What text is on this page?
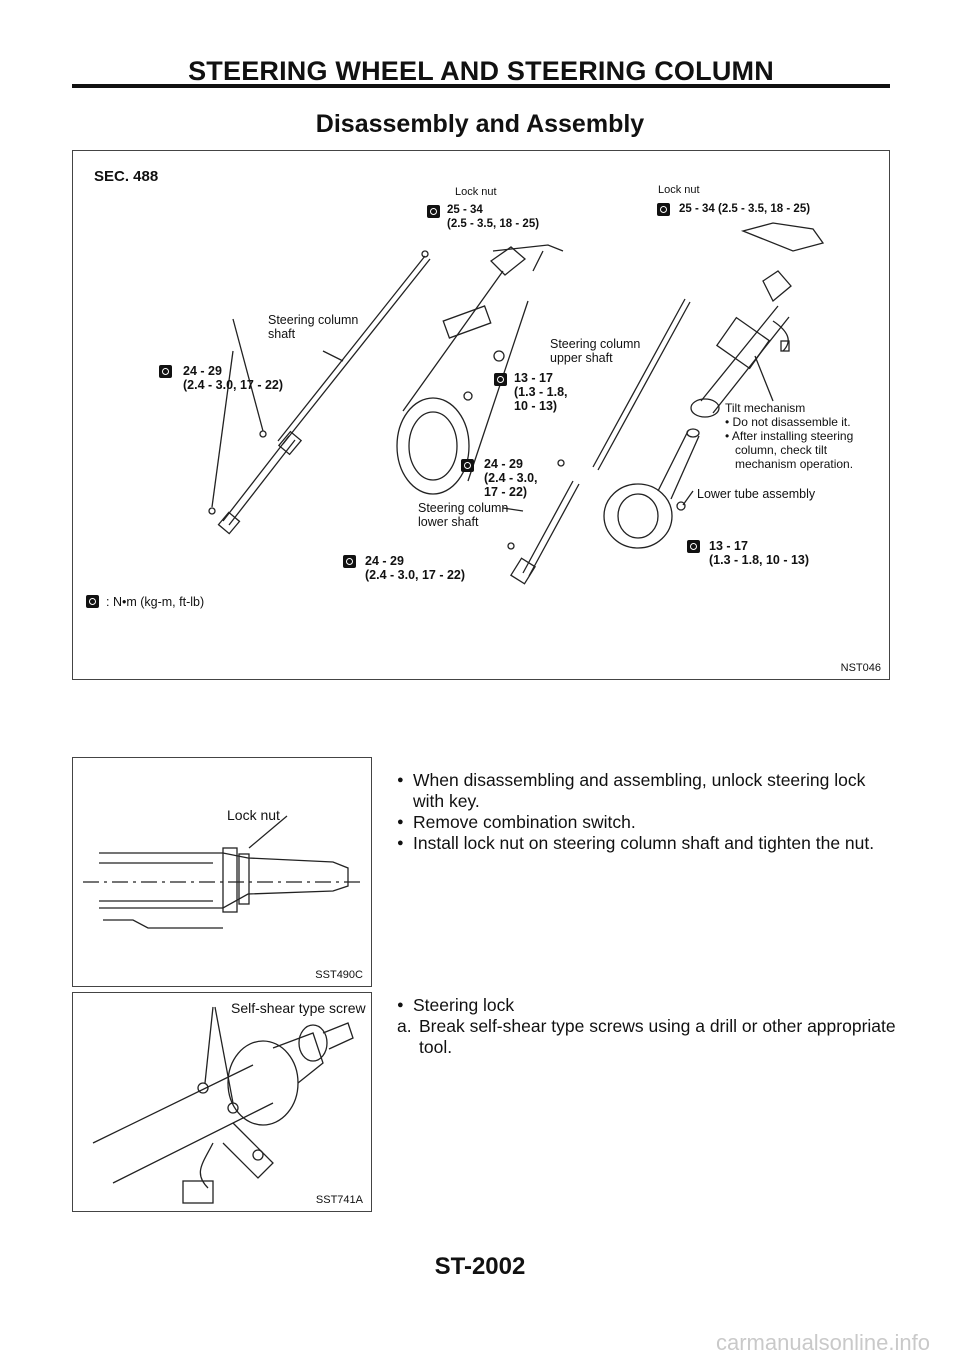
STEERING WHEEL AND STEERING COLUMN
Disassembly and Assembly
SEC. 488
Lock nut
25 - 34
(2.5 - 3.5, 18 - 25)
Lock nut
25 - 34 (2.5 - 3.5, 18 - 25)
Steering column
shaft
24 - 29
(2.4 - 3.0, 17 - 22)
Steering column
upper shaft
13 - 17
(1.3 - 1.8,
10 - 13)	Tilt mechanism
• Do not disassemble it.
• After installing steering
column, check tilt
mechanism operation.
24 - 29
(2.4 - 3.0,
17 - 22)
Steering column
lower shaft
Lower tube assembly
13 - 17
(1.3 - 1.8, 10 - 13)
24 - 29
(2.4 - 3.0, 17 - 22)
: N•m (kg-m, ft-lb)
NST046
Lock nut
SST490C
Self-shear type screw
SST741A
● When disassembling and assembling, unlock steering lock with key.
● Remove combination switch.
● Install lock nut on steering column shaft and tighten the nut.
● Steering lock
a. Break self-shear type screws using a drill or other appropriate tool.
ST-2002
carmanualsonline.info
